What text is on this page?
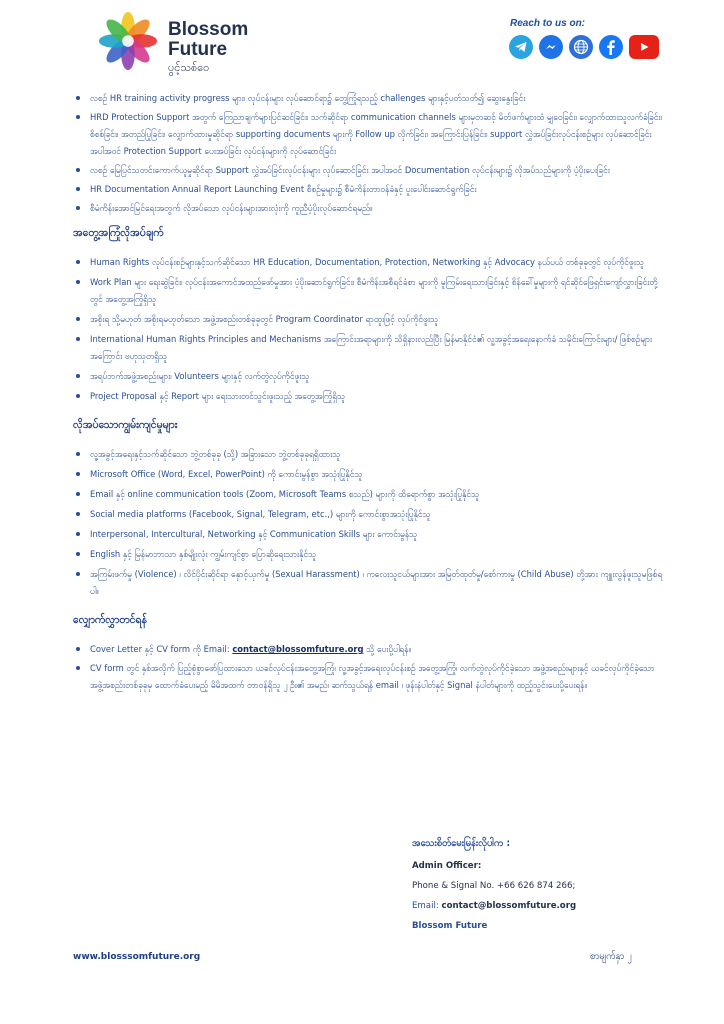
Blossom
Future
ပွင့်သစ်ဝေ
Reach to us on:
လစဉ် HR training activity progress များ၊ လုပ်ငန်းများ လုပ်ဆောင်ရာ၌ တွေ့ကြုံရသည့် challenges များနှင့်ပတ်သတ်၍ ဆွေးနွေးခြင်း
HRD Protection Support အတွက် ကြေညာချက်များပြင်ဆင်ခြင်း၊ သက်ဆိုင်ရာ communication channels များမှတဆင့် မိတ်ဖက်များထံ မျှဝေခြင်း၊ လျှောက်ထားသူလက်ခံခြင်း၊ စိစစ်ခြင်း၊ အတည်ပြုခြင်း၊ လျှောက်ထားမှုဆိုင်ရာ supporting documents များကို Follow up လိုက်ခြင်း၊ အကြောင်းပြန်ခြင်း၊ support လွှဲအပ်ခြင်းလုပ်ငန်းစဉ်များ လုပ်ဆောင်ခြင်း အပါအဝင် Protection Support ပေးအပ်ခြင်း လုပ်ငန်းများကို လုပ်ဆောင်ခြင်း
လစဉ် မြေပြင်သတင်းကောက်ယူမှုဆိုင်ရာ Support လွှဲအပ်ခြင်းလုပ်ငန်းများ လုပ်ဆောင်ခြင်း အပါအဝင် Documentation လုပ်ငန်းများ၌ လိုအပ်သည်များကို ပံ့ပိုးပေးခြင်း
HR Documentation Annual Report Launching Event စီစဉ်မှုများ၌ စီမံကိန်းတာဝန်ခံနှင့် ပူးပေါင်းဆောင်ရွက်ခြင်း
စီမံကိန်းအောင်မြင်ရေးအတွက် လိုအပ်သော လုပ်ငန်းများအားလုံးကို ကူညီပံ့ပိုးလုပ်ဆောင်ရမည်။
အတွေ့အကြုံလိုအပ်ချက်
Human Rights လုပ်ငန်းစဉ်များနှင့်သက်ဆိုင်သော HR Education, Documentation, Protection, Networking နှင့် Advocacy နယ်ပယ် တစ်ခုခုတွင် လုပ်ကိုင်ဖူးသူ
Work Plan များ ရေးဆွဲခြင်း၊ လုပ်ငန်းအကောင်အထည်ဖော်မှုအား ပံ့ပိုးဆောင်ရွက်ခြင်း၊ စီမံကိန်းအစီရင်ခံစာ များကို မူကြမ်းရေးသားခြင်းနှင့် စိန်ခေါ်မှုများကို ရင်ဆိုင်ဖြေရှင်းကျော်လွှားခြင်းတို့တွင် အတွေ့အကြုံရှိသူ
အစိုးရ သို့မဟုတ် အစိုးရမဟုတ်သော အဖွဲ့အစည်းတစ်ခုခုတွင် Program Coordinator ရာထူးဖြင့် လုပ်ကိုင်ဖူးသူ
International Human Rights Principles and Mechanisms အကြောင်းအရာများကို သိရှိနားလည်ပြီး မြန်မာနိုင်ငံ၏ လူ့အခွင့်အရေးနောက်ခံ သမိုင်းကြောင်းများ/ ဖြစ်စဉ်များအကြောင်း ဗဟုသုတရှိသူ
အရပ်ဘက်အဖွဲ့အစည်းများ၊ Volunteers များနှင့် လက်တွဲလုပ်ကိုင်ဖူးသူ
Project Proposal နှင့် Report များ ရေးသားတင်သွင်းဖူးသည့် အတွေ့အကြုံရှိသူ
လိုအပ်သောကျွမ်းကျင်မှုများ
လူ့အခွင့်အရေးနှင့်သက်ဆိုင်သော ဘွဲ့တစ်ခုခု (သို့) အခြားသော ဘွဲ့တစ်ခုခုရရှိထားသူ
Microsoft Office (Word, Excel, PowerPoint) ကို ကောင်းမွန်စွာ အသုံးပြုနိုင်သူ
Email နှင့် online communication tools (Zoom, Microsoft Teams စသည်) များကို ထိရောက်စွာ အသုံးပြုနိုင်သူ
Social media platforms (Facebook, Signal, Telegram, etc.,) များကို ကောင်းစွာအသုံးပြုနိုင်သူ
Interpersonal, Intercultural, Networking နှင့် Communication Skills များ ကောင်းမွန်သူ
English နှင့် မြန်မာဘာသာ နှစ်မျိုးလုံး ကျွမ်းကျင်စွာ ပြောဆိုရေးသားနိုင်သူ
အကြမ်းဖက်မှု (Violence) ၊ လိင်ပိုင်းဆိုင်ရာ နှောင့်ယှက်မှု (Sexual Harassment) ၊ ကလေးသူငယ်များအား အမြတ်ထုတ်မှု/စော်ကားမှု (Child Abuse) တို့အား ကျူးလွန်ဖူးသူမဖြစ်ရပါ။
လျှောက်လွှာတင်ရန်
Cover Letter နှင့် CV form ကို Email: contact@blossomfuture.org သို့ ပေးပို့ပါရန်။
CV form တွင် နှစ်အလိုက် ပြည့်စုံစွာဖော်ပြထားသော ယခင်လုပ်ငန်းအတွေ့အကြုံ၊ လူ့အခွင့်အရေးလုပ်ငန်းစဉ် အတွေ့အကြုံ၊ လက်တွဲလုပ်ကိုင်ခဲ့သော အဖွဲ့အစည်းများနှင့် ယခင်လုပ်ကိုင်ခဲ့သော အဖွဲ့အစည်းတစ်ခုခုမှ ထောက်ခံပေးမည့် မိမိအထက် တာဝန်ရှိသူ ၂ ဦး၏ အမည်၊ ဆက်သွယ်ရန် email ၊ ဖုန်းနံပါတ်နှင့် Signal နံပါတ်များကို ထည့်သွင်းပေးပို့ပေးရန်။
အသေးစိတ်မေးမြန်းလိုပါက :
Admin Officer:
Phone & Signal No. +66 626 874 266;
Email: contact@blossomfuture.org
Blossom Future
www.blosssomfuture.org	စာမျက်နှာ ၂
